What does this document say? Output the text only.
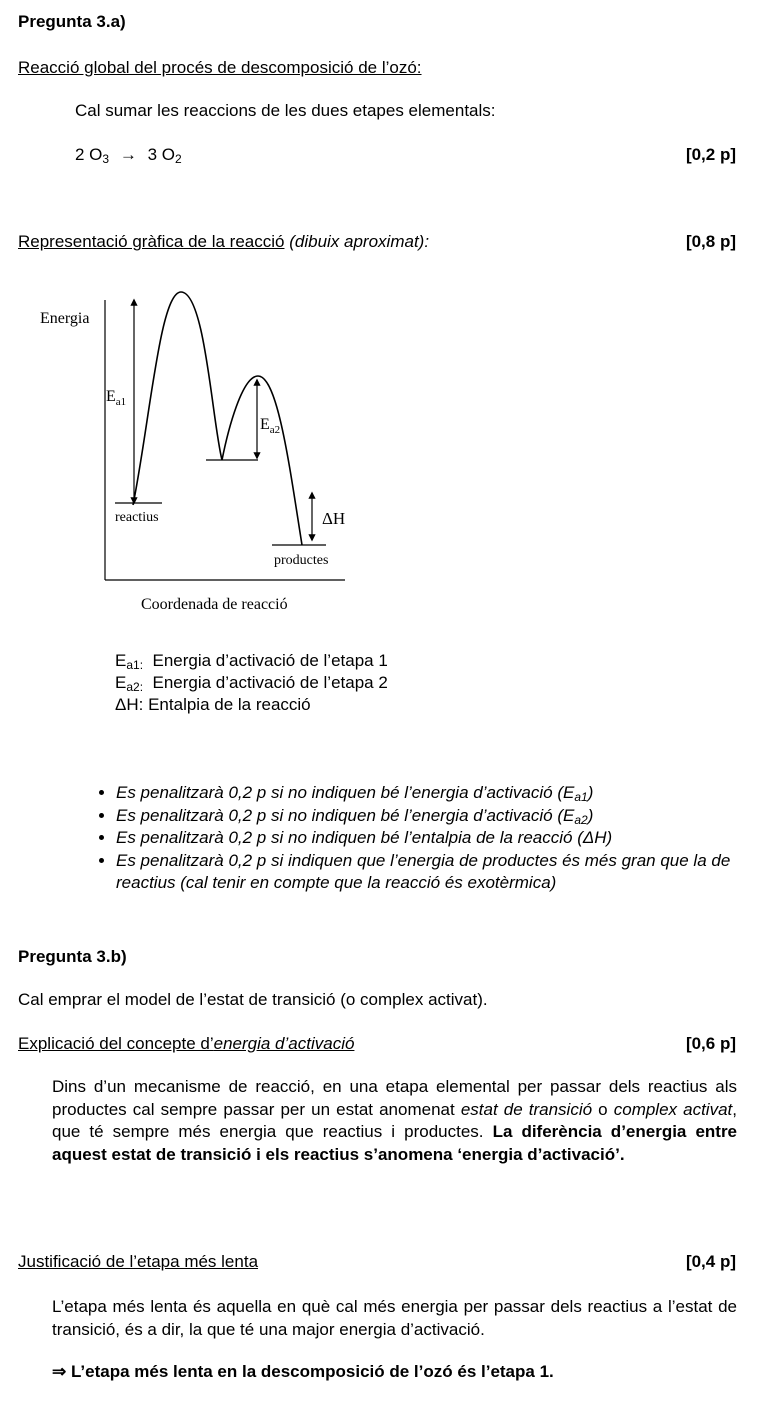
Pregunta 3.a)
Reacció global del procés de descomposició de l’ozó:
Cal sumar les reaccions de les dues etapes elementals:
2 $O_3 \to 3$ $O_2$	[0,2 p]
Representació gràfica de la reacció (dibuix aproximat):	[0,8 p]
Energia
$E_{a1}$
$E_{a2}$
ΔH
reactius
productes
Coordenada de reacció
$E_{a1:}$ Energia d’activació de l’etapa 1
$E_{a2:}$ Energia d’activació de l’etapa 2
ΔH: Entalpia de la reacció
• Es penalitzarà 0,2 p si no indiquen bé l’energia d’activació $(E_{a1})$
• Es penalitzarà 0,2 p si no indiquen bé l’energia d’activació $(E_{a2})$
• Es penalitzarà 0,2 p si no indiquen bé l’entalpia de la reacció (ΔH)
• Es penalitzarà 0,2 p si indiquen que l’energia de productes és més gran que la de reactius (cal tenir en compte que la reacció és exotèrmica)
Pregunta 3.b)
Cal emprar el model de l’estat de transició (o complex activat).
Explicació del concepte d’energia d’activació	[0,6 p]
Dins d’un mecanisme de reacció, en una etapa elemental per passar dels reactius als productes cal sempre passar per un estat anomenat estat de transició o complex activat, que té sempre més energia que reactius i productes. La diferència d’energia entre aquest estat de transició i els reactius s’anomena ‘energia d’activació’.
Justificació de l’etapa més lenta	[0,4 p]
L’etapa més lenta és aquella en què cal més energia per passar dels reactius a l’estat de transició, és a dir, la que té una major energia d’activació.
⇒ L’etapa més lenta en la descomposició de l’ozó és l’etapa 1.
